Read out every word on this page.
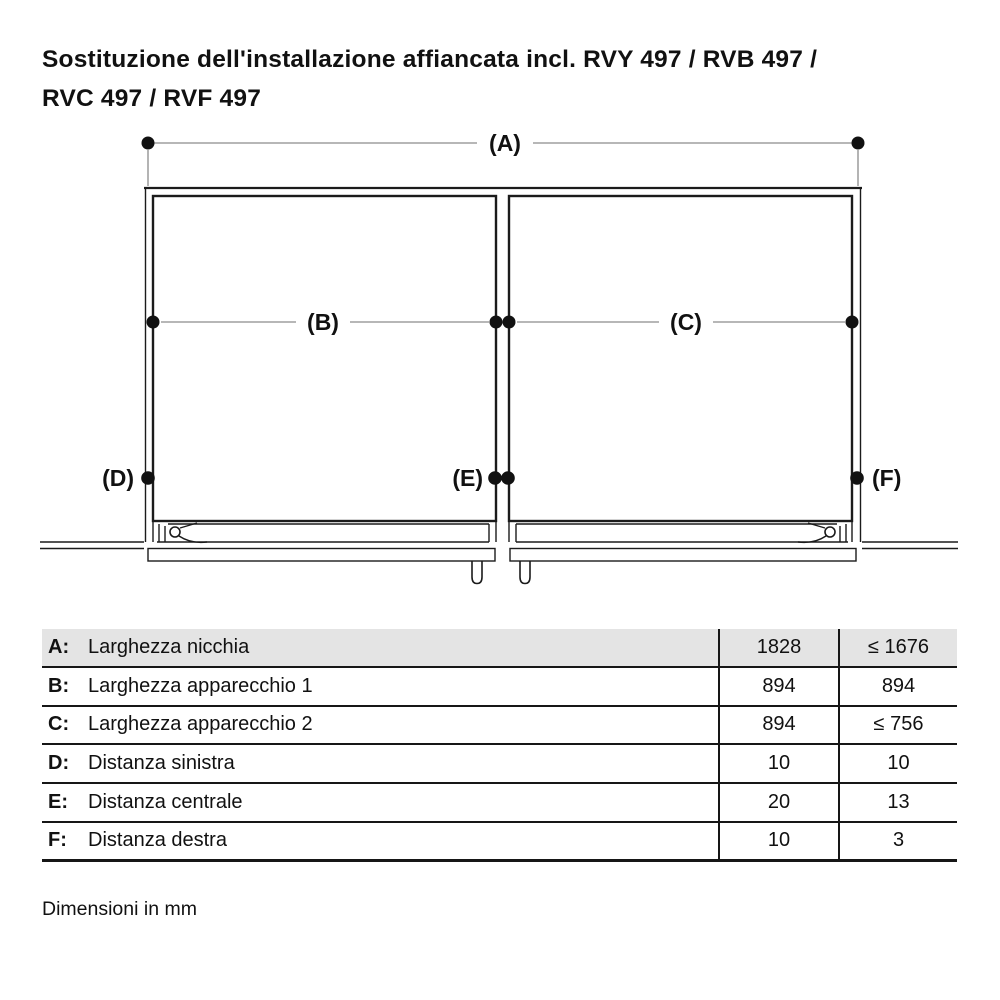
Sostituzione dell'installazione affiancata incl. RVY 497 / RVB 497 /
RVC 497 / RVF 497
(A)
(B)	(C)
(D)	(E)	(F)
A: Larghezza nicchia	1828	≤ 1676
B: Larghezza apparecchio 1	894	894
C: Larghezza apparecchio 2	894	≤ 756
D: Distanza sinistra	10	10
E:	Distanza centrale	20	13
F:	Distanza destra	10	3
Dimensioni in mm
